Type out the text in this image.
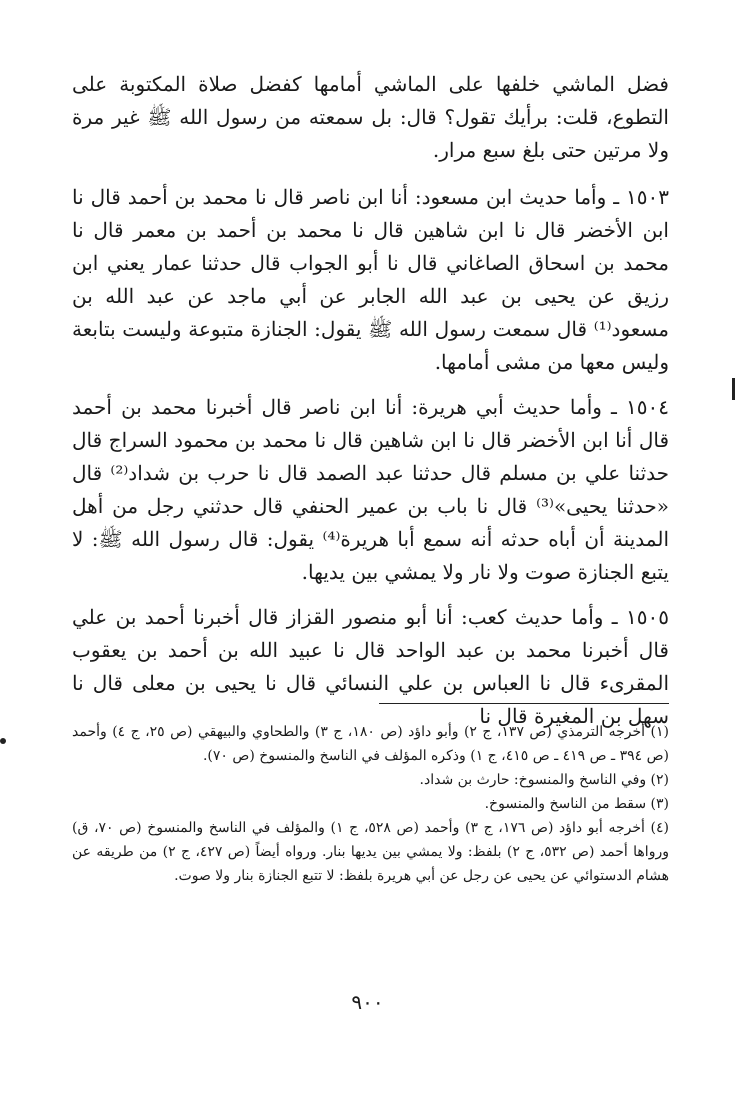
فضل الماشي خلفها على الماشي أمامها كفضل صلاة المكتوبة على التطوع، قلت: برأيك تقول؟ قال: بل سمعته من رسول الله ﷺ غير مرة ولا مرتين حتى بلغ سبع مرار.

١٥٠٣ ـ وأما حديث ابن مسعود: أنا ابن ناصر قال نا محمد بن أحمد قال نا ابن الأخضر قال نا ابن شاهين قال نا محمد بن أحمد بن معمر قال نا محمد بن اسحاق الصاغاني قال نا أبو الجواب قال حدثنا عمار يعني ابن رزيق عن يحيى بن عبد الله الجابر عن أبي ماجد عن عبد الله بن مسعود⁽¹⁾ قال سمعت رسول الله ﷺ يقول: الجنازة متبوعة وليست بتابعة وليس معها من مشى أمامها.

١٥٠٤ ـ وأما حديث أبي هريرة: أنا ابن ناصر قال أخبرنا محمد بن أحمد قال أنا ابن الأخضر قال نا ابن شاهين قال نا محمد بن محمود السراج قال حدثنا علي بن مسلم قال حدثنا عبد الصمد قال نا حرب بن شداد⁽²⁾ قال «حدثنا يحيى»⁽³⁾ قال نا باب بن عمير الحنفي قال حدثني رجل من أهل المدينة أن أباه حدثه أنه سمع أبا هريرة⁽⁴⁾ يقول: قال رسول الله ﷺ: لا يتبع الجنازة صوت ولا نار ولا يمشي بين يديها.

١٥٠٥ ـ وأما حديث كعب: أنا أبو منصور القزاز قال أخبرنا أحمد بن علي قال أخبرنا محمد بن عبد الواحد قال نا عبيد الله بن أحمد بن يعقوب المقرىء قال نا العباس بن علي النسائي قال نا يحيى بن معلى قال نا سهل بن المغيرة قال نا

(١) أخرجه الترمذي (ص ١٣٧، ج ٢) وأبو داؤد (ص ١٨٠، ج ٣) والطحاوي والبيهقي (ص ٢٥، ج ٤) وأحمد (ص ٣٩٤ ـ ص ٤١٩ ـ ص ٤١٥، ج ١) وذكره المؤلف في الناسخ والمنسوخ (ص ٧٠).

(٢) وفي الناسخ والمنسوخ: حارث بن شداد.

(٣) سقط من الناسخ والمنسوخ.

(٤) أخرجه أبو داؤد (ص ١٧٦، ج ٣) وأحمد (ص ٥٢٨، ج ١) والمؤلف في الناسخ والمنسوخ (ص ٧٠، ق) ورواها أحمد (ص ٥٣٢، ج ٢) بلفظ: ولا يمشي بين يديها بنار. ورواه أيضاً (ص ٤٢٧، ج ٢) من طريقه عن هشام الدستوائي عن يحيى عن رجل عن أبي هريرة بلفظ: لا تتبع الجنازة بنار ولا صوت.

٩٠٠
